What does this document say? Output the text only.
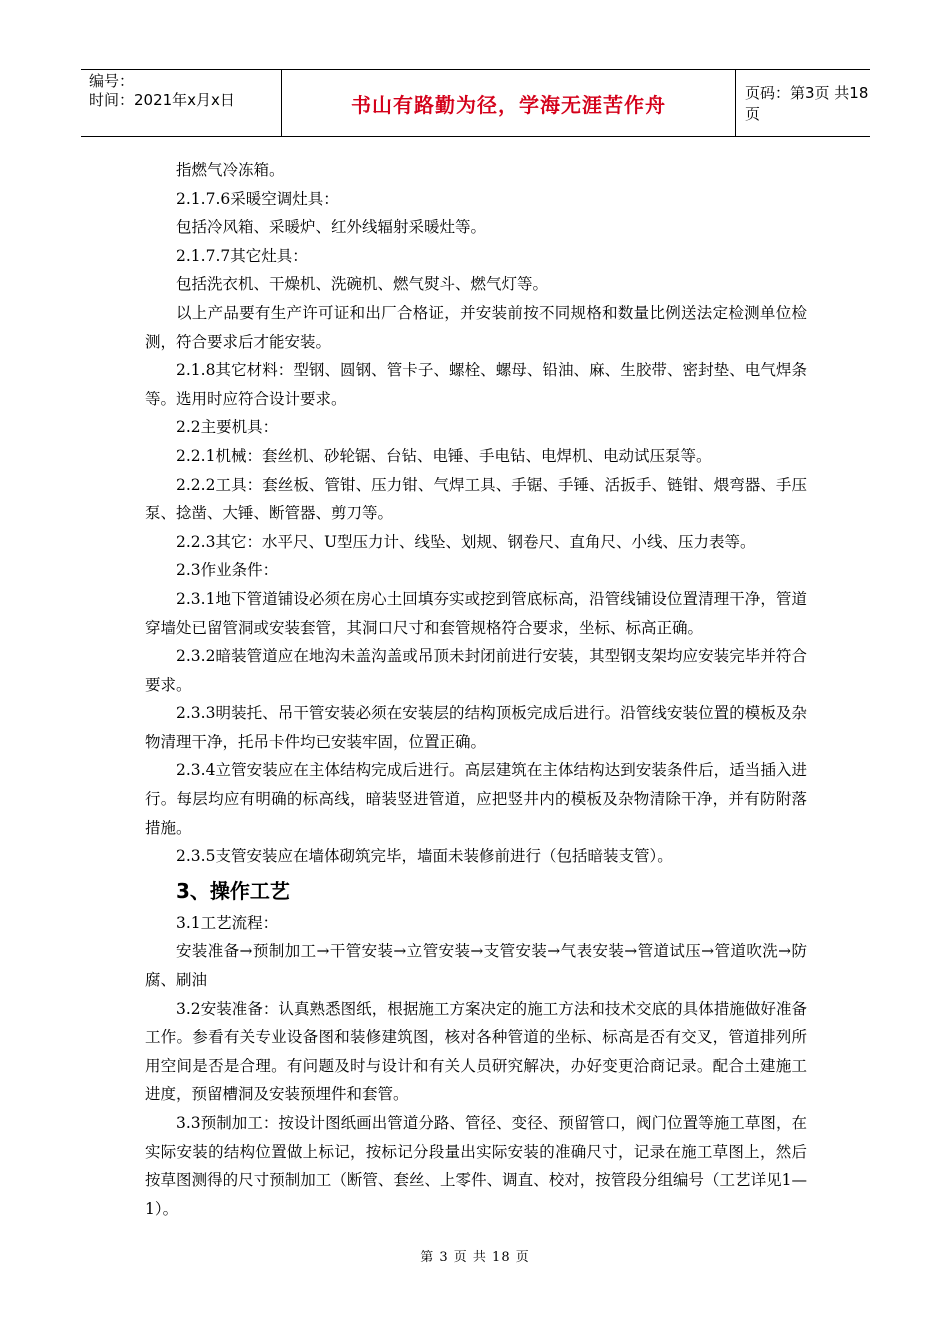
编号：
时间：2021年x月x日	书山有路勤为径，学海无涯苦作舟	页码：第3页 共18页

指燃气冷冻箱。

2.1.7.6采暖空调灶具：

包括冷风箱、采暖炉、红外线辐射采暖灶等。

2.1.7.7其它灶具：

包括洗衣机、干燥机、洗碗机、燃气熨斗、燃气灯等。

以上产品要有生产许可证和出厂合格证，并安装前按不同规格和数量比例送法定检测单位检测，符合要求后才能安装。

2.1.8其它材料：型钢、圆钢、管卡子、螺栓、螺母、铅油、麻、生胶带、密封垫、电气焊条等。选用时应符合设计要求。

2.2主要机具：

2.2.1机械：套丝机、砂轮锯、台钻、电锤、手电钻、电焊机、电动试压泵等。

2.2.2工具：套丝板、管钳、压力钳、气焊工具、手锯、手锤、活扳手、链钳、煨弯器、手压泵、捻凿、大锤、断管器、剪刀等。

2.2.3其它：水平尺、U型压力计、线坠、划规、钢卷尺、直角尺、小线、压力表等。

2.3作业条件：

2.3.1地下管道铺设必须在房心土回填夯实或挖到管底标高，沿管线铺设位置清理干净，管道穿墙处已留管洞或安装套管，其洞口尺寸和套管规格符合要求，坐标、标高正确。

2.3.2暗装管道应在地沟未盖沟盖或吊顶未封闭前进行安装，其型钢支架均应安装完毕并符合要求。

2.3.3明装托、吊干管安装必须在安装层的结构顶板完成后进行。沿管线安装位置的模板及杂物清理干净，托吊卡件均已安装牢固，位置正确。

2.3.4立管安装应在主体结构完成后进行。高层建筑在主体结构达到安装条件后，适当插入进行。每层均应有明确的标高线，暗装竖进管道，应把竖井内的模板及杂物清除干净，并有防附落措施。

2.3.5支管安装应在墙体砌筑完毕，墙面未装修前进行（包括暗装支管）。

3、操作工艺

3.1工艺流程：

安装准备→预制加工→干管安装→立管安装→支管安装→气表安装→管道试压→管道吹洗→防腐、刷油

3.2安装准备：认真熟悉图纸，根据施工方案决定的施工方法和技术交底的具体措施做好准备工作。参看有关专业设备图和装修建筑图，核对各种管道的坐标、标高是否有交叉，管道排列所用空间是否是合理。有问题及时与设计和有关人员研究解决，办好变更洽商记录。配合土建施工进度，预留槽洞及安装预埋件和套管。

3.3预制加工：按设计图纸画出管道分路、管径、变径、预留管口，阀门位置等施工草图，在实际安装的结构位置做上标记，按标记分段量出实际安装的准确尺寸，记录在施工草图上，然后按草图测得的尺寸预制加工（断管、套丝、上零件、调直、校对，按管段分组编号（工艺详见1—1）。

第 3 页 共 18 页
